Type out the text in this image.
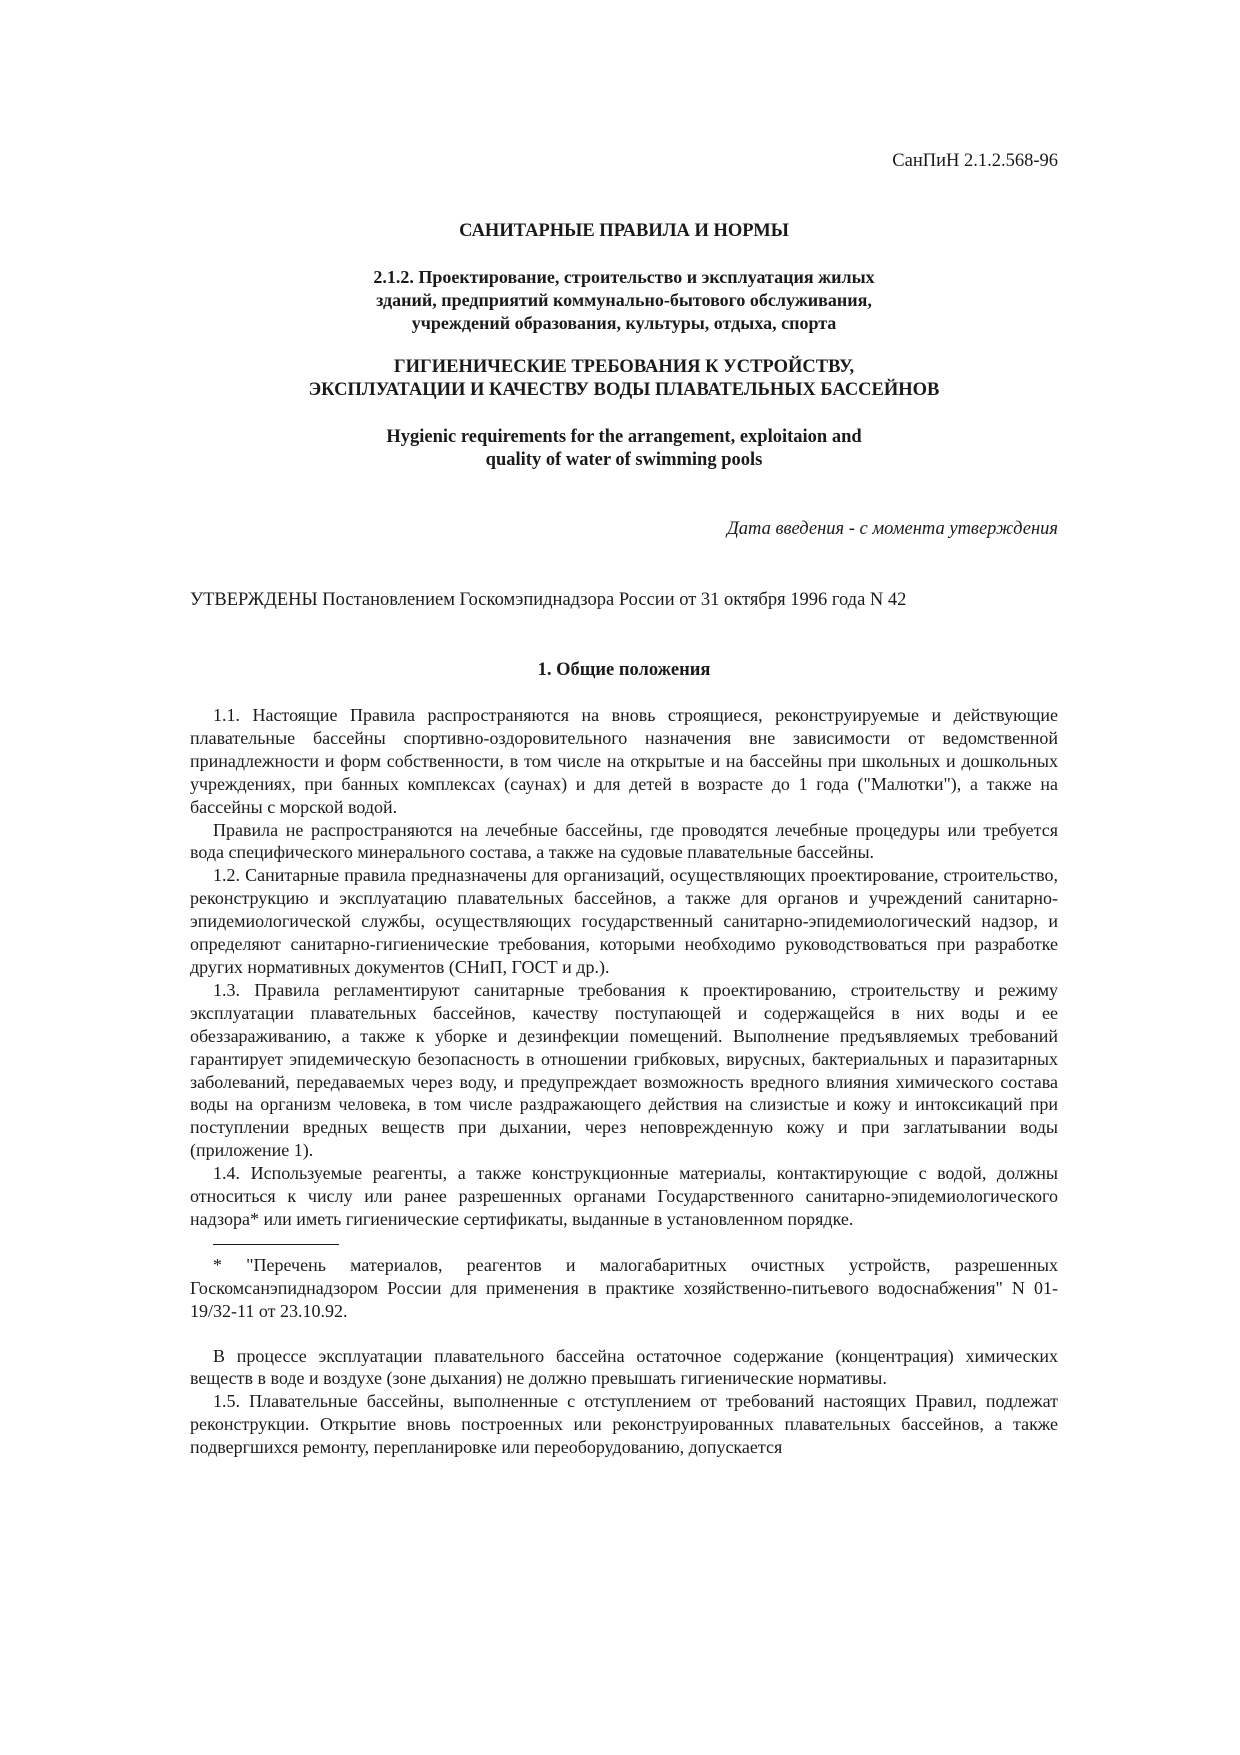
СанПиН 2.1.2.568-96
САНИТАРНЫЕ ПРАВИЛА И НОРМЫ
2.1.2. Проектирование, строительство и эксплуатация жилых
зданий, предприятий коммунально-бытового обслуживания,
учреждений образования, культуры, отдыха, спорта
ГИГИЕНИЧЕСКИЕ ТРЕБОВАНИЯ К УСТРОЙСТВУ,
ЭКСПЛУАТАЦИИ И КАЧЕСТВУ ВОДЫ ПЛАВАТЕЛЬНЫХ БАССЕЙНОВ
Hygienic requirements for the arrangement, exploitaion and
quality of water of swimming pools
Дата введения - с момента утверждения
УТВЕРЖДЕНЫ Постановлением Госкомэпиднадзора России от 31 октября 1996 года N 42
1. Общие положения

1.1. Настоящие Правила распространяются на вновь строящиеся, реконструируемые и действующие плавательные бассейны спортивно-оздоровительного назначения вне зависимости от ведомственной принадлежности и форм собственности, в том числе на открытые и на бассейны при школьных и дошкольных учреждениях, при банных комплексах (саунах) и для детей в возрасте до 1 года ("Малютки"), а также на бассейны с морской водой.

Правила не распространяются на лечебные бассейны, где проводятся лечебные процедуры или требуется вода специфического минерального состава, а также на судовые плавательные бассейны.

1.2. Санитарные правила предназначены для организаций, осуществляющих проектирование, строительство, реконструкцию и эксплуатацию плавательных бассейнов, а также для органов и учреждений санитарно-эпидемиологической службы, осуществляющих государственный санитарно-эпидемиологический надзор, и определяют санитарно-гигиенические требования, которыми необходимо руководствоваться при разработке других нормативных документов (СНиП, ГОСТ и др.).

1.3. Правила регламентируют санитарные требования к проектированию, строительству и режиму эксплуатации плавательных бассейнов, качеству поступающей и содержащейся в них воды и ее обеззараживанию, а также к уборке и дезинфекции помещений. Выполнение предъявляемых требований гарантирует эпидемическую безопасность в отношении грибковых, вирусных, бактериальных и паразитарных заболеваний, передаваемых через воду, и предупреждает возможность вредного влияния химического состава воды на организм человека, в том числе раздражающего действия на слизистые и кожу и интоксикаций при поступлении вредных веществ при дыхании, через неповрежденную кожу и при заглатывании воды (приложение 1).

1.4. Используемые реагенты, а также конструкционные материалы, контактирующие с водой, должны относиться к числу или ранее разрешенных органами Государственного санитарно-эпидемиологического надзора* или иметь гигиенические сертификаты, выданные в установленном порядке.

* "Перечень материалов, реагентов и малогабаритных очистных устройств, разрешенных Госкомсанэпиднадзором России для применения в практике хозяйственно-питьевого водоснабжения" N 01-19/32-11 от 23.10.92.

В процессе эксплуатации плавательного бассейна остаточное содержание (концентрация) химических веществ в воде и воздухе (зоне дыхания) не должно превышать гигиенические нормативы.

1.5. Плавательные бассейны, выполненные с отступлением от требований настоящих Правил, подлежат реконструкции. Открытие вновь построенных или реконструированных плавательных бассейнов, а также подвергшихся ремонту, перепланировке или переоборудованию, допускается
